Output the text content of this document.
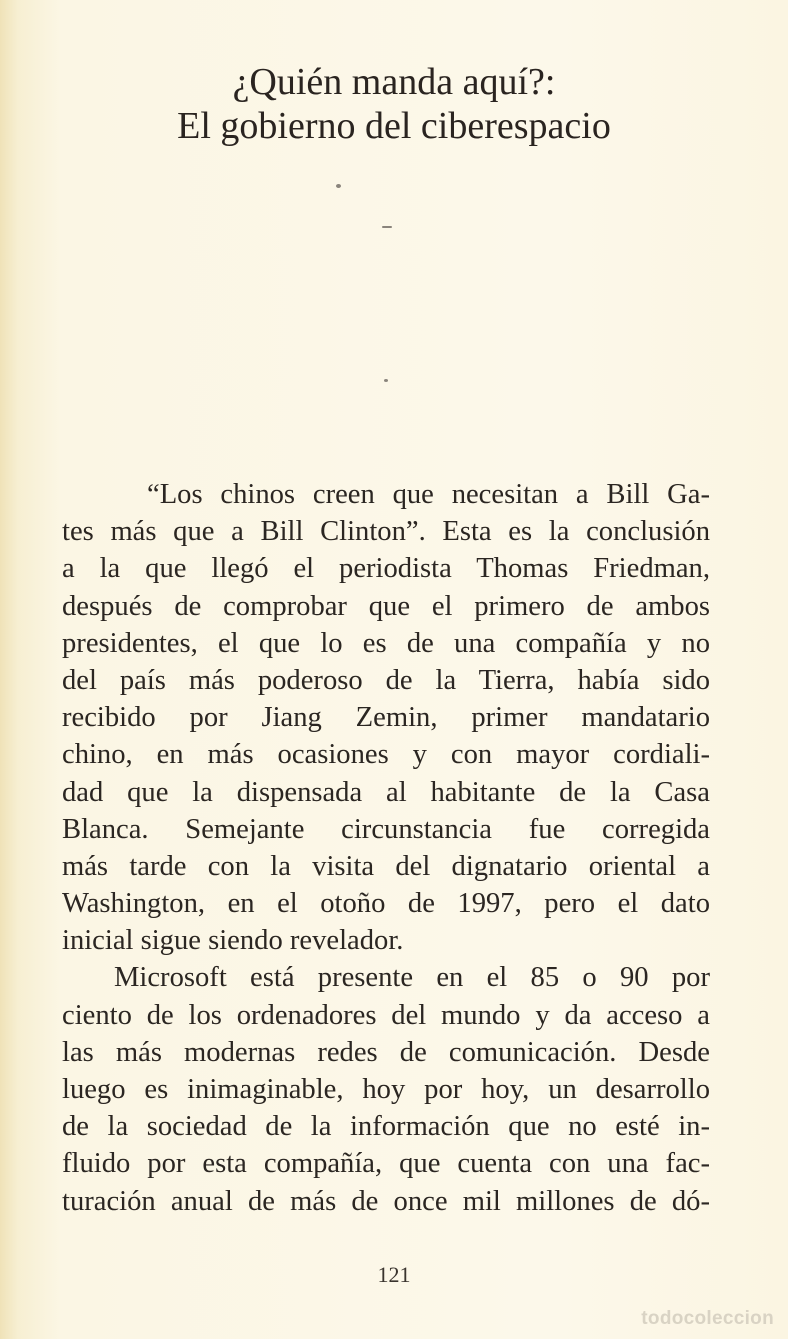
¿Quién manda aquí?:
El gobierno del ciberespacio
“Los chinos creen que necesitan a Bill Ga-
tes más que a Bill Clinton”. Esta es la conclusión
a la que llegó el periodista Thomas Friedman,
después de comprobar que el primero de ambos
presidentes, el que lo es de una compañía y no
del país más poderoso de la Tierra, había sido
recibido por Jiang Zemin, primer mandatario
chino, en más ocasiones y con mayor cordiali-
dad que la dispensada al habitante de la Casa
Blanca. Semejante circunstancia fue corregida
más tarde con la visita del dignatario oriental a
Washington, en el otoño de 1997, pero el dato
inicial sigue siendo revelador.
Microsoft está presente en el 85 o 90 por
ciento de los ordenadores del mundo y da acceso a
las más modernas redes de comunicación. Desde
luego es inimaginable, hoy por hoy, un desarrollo
de la sociedad de la información que no esté in-
fluido por esta compañía, que cuenta con una fac-
turación anual de más de once mil millones de dó-
121
todocoleccion
